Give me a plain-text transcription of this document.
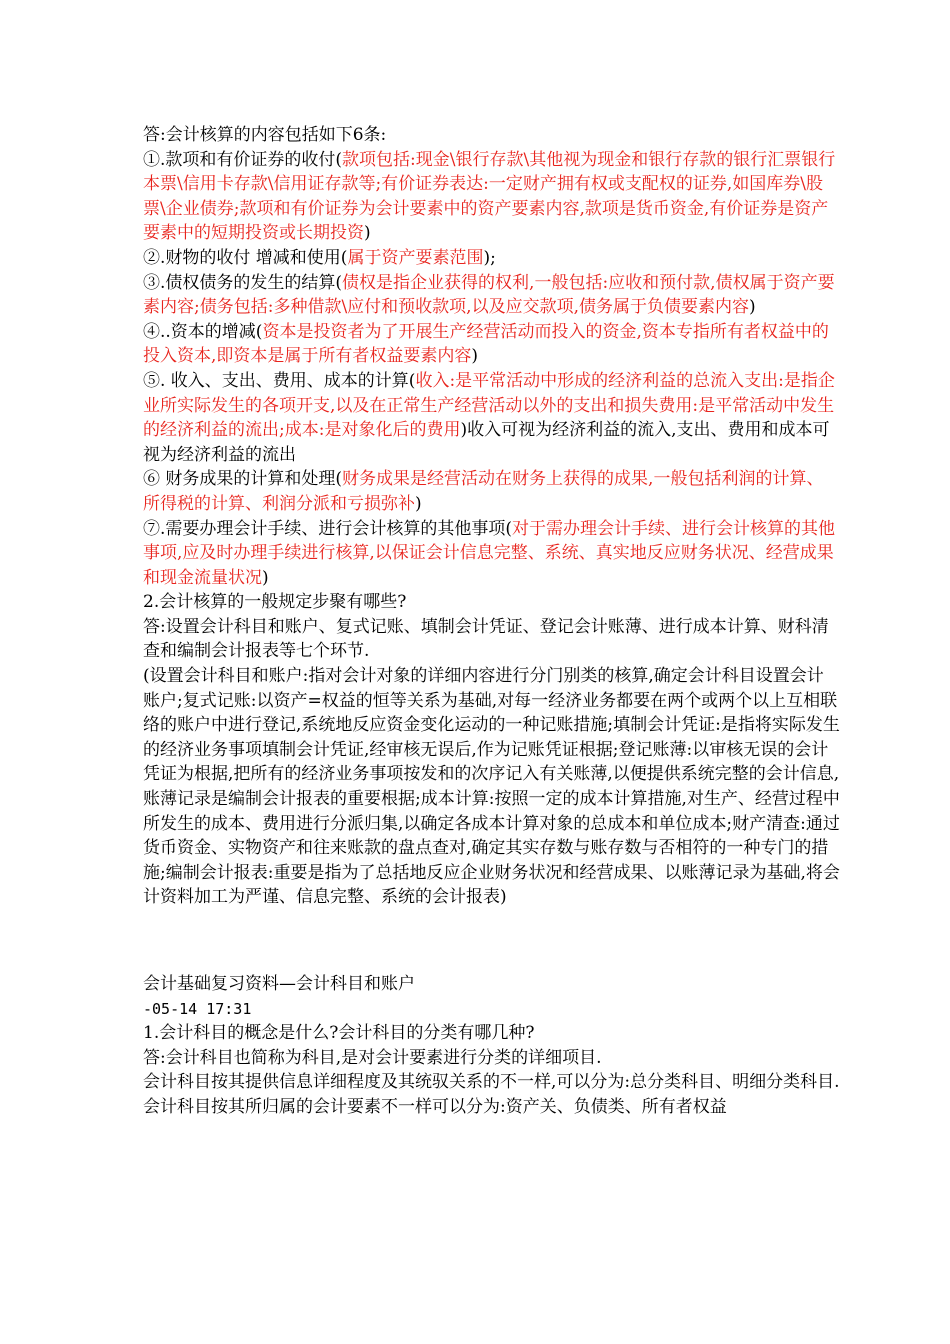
答:会计核算的内容包括如下6条:

①.款项和有价证券的收付(款项包括:现金\银行存款\其他视为现金和银行存款的银行汇票银行本票\信用卡存款\信用证存款等;有价证券表达:一定财产拥有权或支配权的证券,如国库券\股票\企业债券;款项和有价证券为会计要素中的资产要素内容,款项是货币资金,有价证券是资产要素中的短期投资或长期投资)

②.财物的收付 增减和使用(属于资产要素范围);

③.债权债务的发生的结算(债权是指企业获得的权利,一般包括:应收和预付款,债权属于资产要素内容;债务包括:多种借款\应付和预收款项,以及应交款项,债务属于负债要素内容)

④..资本的增减(资本是投资者为了开展生产经营活动而投入的资金,资本专指所有者权益中的投入资本,即资本是属于所有者权益要素内容)

⑤. 收入、支出、费用、成本的计算(收入:是平常活动中形成的经济利益的总流入支出:是指企业所实际发生的各项开支,以及在正常生产经营活动以外的支出和损失费用:是平常活动中发生的经济利益的流出;成本:是对象化后的费用)收入可视为经济利益的流入,支出、费用和成本可视为经济利益的流出

⑥ 财务成果的计算和处理(财务成果是经营活动在财务上获得的成果,一般包括利润的计算、所得税的计算、利润分派和亏损弥补)

⑦.需要办理会计手续、进行会计核算的其他事项(对于需办理会计手续、进行会计核算的其他事项,应及时办理手续进行核算,以保证会计信息完整、系统、真实地反应财务状况、经营成果和现金流量状况)

2.会计核算的一般规定步聚有哪些?

答:设置会计科目和账户、复式记账、填制会计凭证、登记会计账薄、进行成本计算、财科清查和编制会计报表等七个环节.

(设置会计科目和账户:指对会计对象的详细内容进行分门别类的核算,确定会计科目设置会计账户;复式记账:以资产=权益的恒等关系为基础,对每一经济业务都要在两个或两个以上互相联络的账户中进行登记,系统地反应资金变化运动的一种记账措施;填制会计凭证:是指将实际发生的经济业务事项填制会计凭证,经审核无误后,作为记账凭证根据;登记账薄:以审核无误的会计凭证为根据,把所有的经济业务事项按发和的次序记入有关账薄,以便提供系统完整的会计信息,账薄记录是编制会计报表的重要根据;成本计算:按照一定的成本计算措施,对生产、经营过程中所发生的成本、费用进行分派归集,以确定各成本计算对象的总成本和单位成本;财产清查:通过货币资金、实物资产和往来账款的盘点查对,确定其实存数与账存数与否相符的一种专门的措施;编制会计报表:重要是指为了总括地反应企业财务状况和经营成果、以账薄记录为基础,将会计资料加工为严谨、信息完整、系统的会计报表)

会计基础复习资料—会计科目和账户

-05-14 17:31

1.会计科目的概念是什么?会计科目的分类有哪几种?

答:会计科目也简称为科目,是对会计要素进行分类的详细项目.

会计科目按其提供信息详细程度及其统驭关系的不一样,可以分为:总分类科目、明细分类科目.

会计科目按其所归属的会计要素不一样可以分为:资产关、负债类、所有者权益
